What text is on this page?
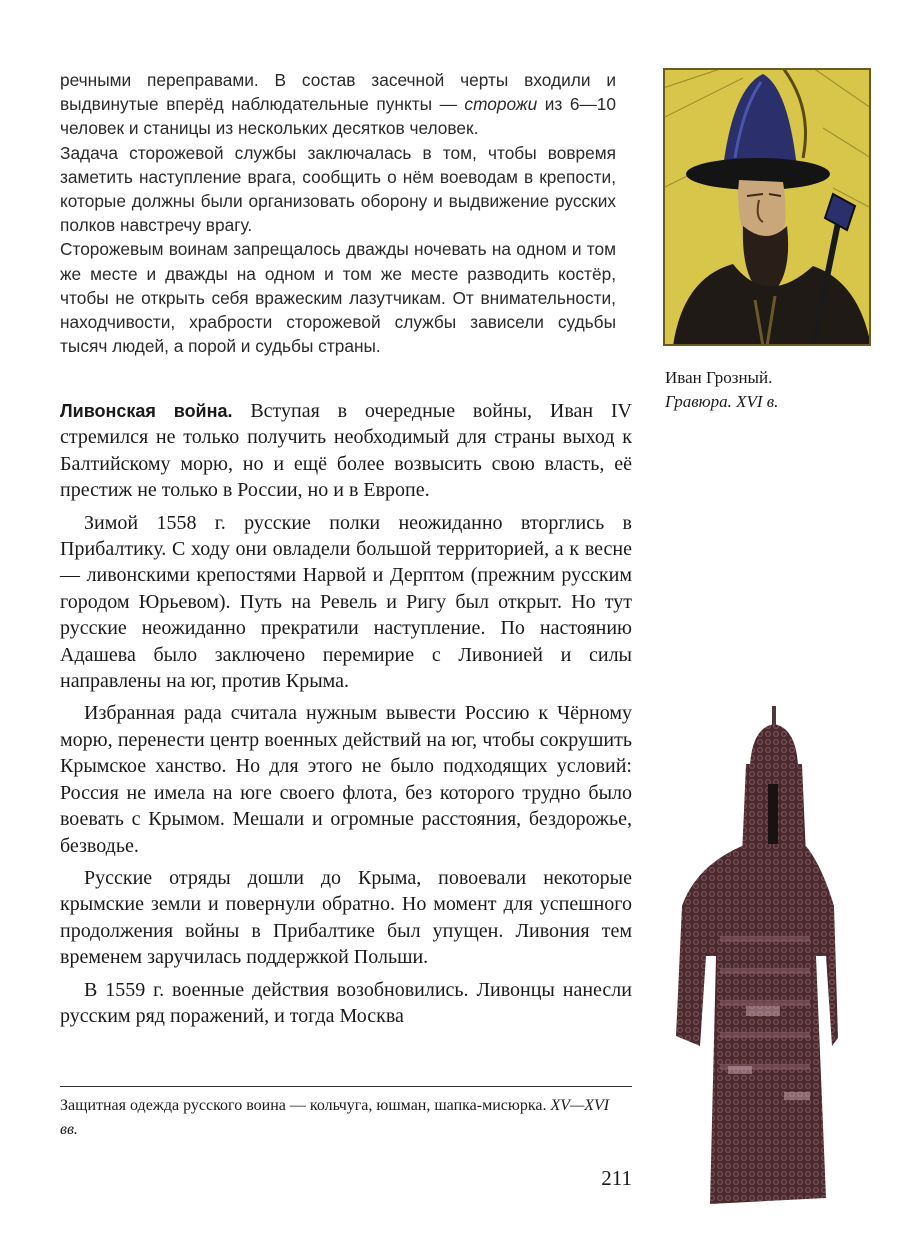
речными переправами. В состав засечной черты входили и выдвинутые вперёд наблюдательные пункты — сторожи из 6—10 человек и станицы из нескольких десятков человек.

Задача сторожевой службы заключалась в том, чтобы вовремя заметить наступление врага, сообщить о нём воеводам в крепости, которые должны были организовать оборону и выдвижение русских полков навстречу врагу.

Сторожевым воинам запрещалось дважды ночевать на одном и том же месте и дважды на одном и том же месте разводить костёр, чтобы не открыть себя вражеским лазутчикам. От внимательности, находчивости, храбрости сторожевой службы зависели судьбы тысяч людей, а порой и судьбы страны.

Иван Грозный.
Гравюра. XVI в.

Ливонская война. Вступая в очередные войны, Иван IV стремился не только получить необходимый для страны выход к Балтийскому морю, но и ещё более возвысить свою власть, её престиж не только в России, но и в Европе.

Зимой 1558 г. русские полки неожиданно вторглись в Прибалтику. С ходу они овладели большой территорией, а к весне — ливонскими крепостями Нарвой и Дерптом (прежним русским городом Юрьевом). Путь на Ревель и Ригу был открыт. Но тут русские неожиданно прекратили наступление. По настоянию Адашева было заключено перемирие с Ливонией и силы направлены на юг, против Крыма.

Избранная рада считала нужным вывести Россию к Чёрному морю, перенести центр военных действий на юг, чтобы сокрушить Крымское ханство. Но для этого не было подходящих условий: Россия не имела на юге своего флота, без которого трудно было воевать с Крымом. Мешали и огромные расстояния, бездорожье, безводье.

Русские отряды дошли до Крыма, повоевали некоторые крымские земли и повернули обратно. Но момент для успешного продолжения войны в Прибалтике был упущен. Ливония тем временем заручилась поддержкой Польши.

В 1559 г. военные действия возобновились. Ливонцы нанесли русским ряд поражений, и тогда Москва

Защитная одежда русского воина — кольчуга, юшман, шапка-мисюрка. XV—XVI вв.
211
